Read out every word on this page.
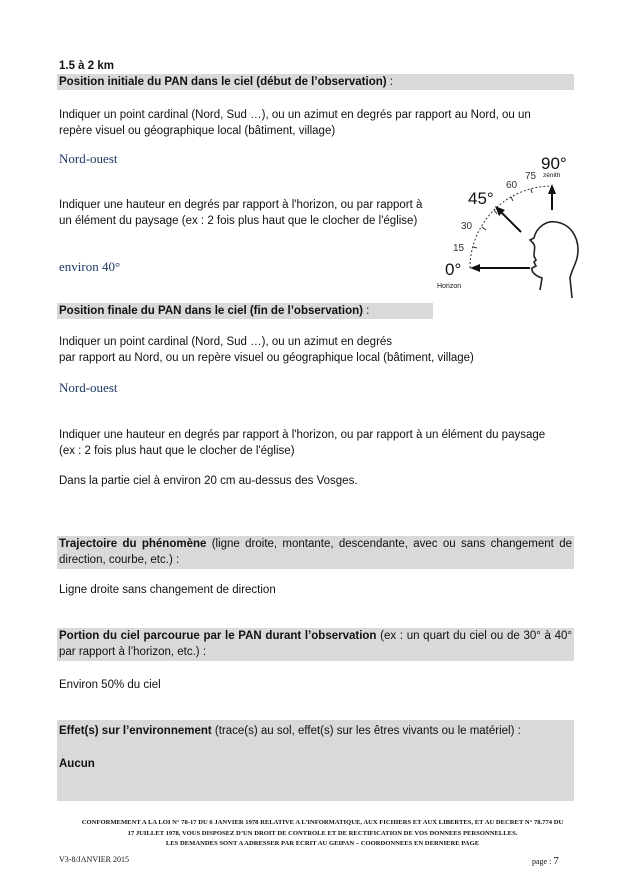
1.5 à 2 km
Position initiale du PAN dans le ciel (début de l’observation) :
Indiquer un point cardinal (Nord, Sud …), ou un azimut en degrés par rapport au Nord, ou un repère visuel ou géographique local (bâtiment, village)
Nord-ouest
Indiquer une hauteur en degrés par rapport à l'horizon, ou par rapport à un élément du paysage (ex : 2 fois plus haut que le clocher de l'église)
environ 40°
90°
zénith
75
60
45°
30
15
0°
Horizon
Position finale du PAN dans le ciel (fin de l’observation) :
Indiquer un point cardinal (Nord, Sud …), ou un azimut en degrés
par rapport au Nord, ou un repère visuel ou géographique local (bâtiment, village)
Nord-ouest
Indiquer une hauteur en degrés par rapport à l'horizon, ou par rapport à un élément du paysage
(ex : 2 fois plus haut que le clocher de l'église)
Dans la partie ciel à environ 20 cm au-dessus des Vosges.
Trajectoire du phénomène (ligne droite, montante, descendante, avec ou sans changement de direction, courbe, etc.) :
Ligne droite sans changement de direction
Portion du ciel parcourue par le PAN durant l’observation (ex : un quart du ciel ou de 30° à 40° par rapport à l’horizon, etc.) :
Environ 50% du ciel
Effet(s) sur l’environnement (trace(s) au sol, effet(s) sur les êtres vivants ou le matériel) :
Aucun
CONFORMEMENT A LA LOI N° 78-17 DU 6 JANVIER 1978 RELATIVE A L’INFORMATIQUE, AUX FICHIERS ET AUX LIBERTES, ET AU DECRET N° 78.774 DU
17 JUILLET 1978, VOUS DISPOSEZ D’UN DROIT DE CONTROLE ET DE RECTIFICATION DE VOS DONNEES PERSONNELLES.
LES DEMANDES SONT A ADRESSER PAR ECRIT AU GEIPAN – COORDONNEES EN DERNIERE PAGE
V3-8/JANVIER 2015	page : 7
